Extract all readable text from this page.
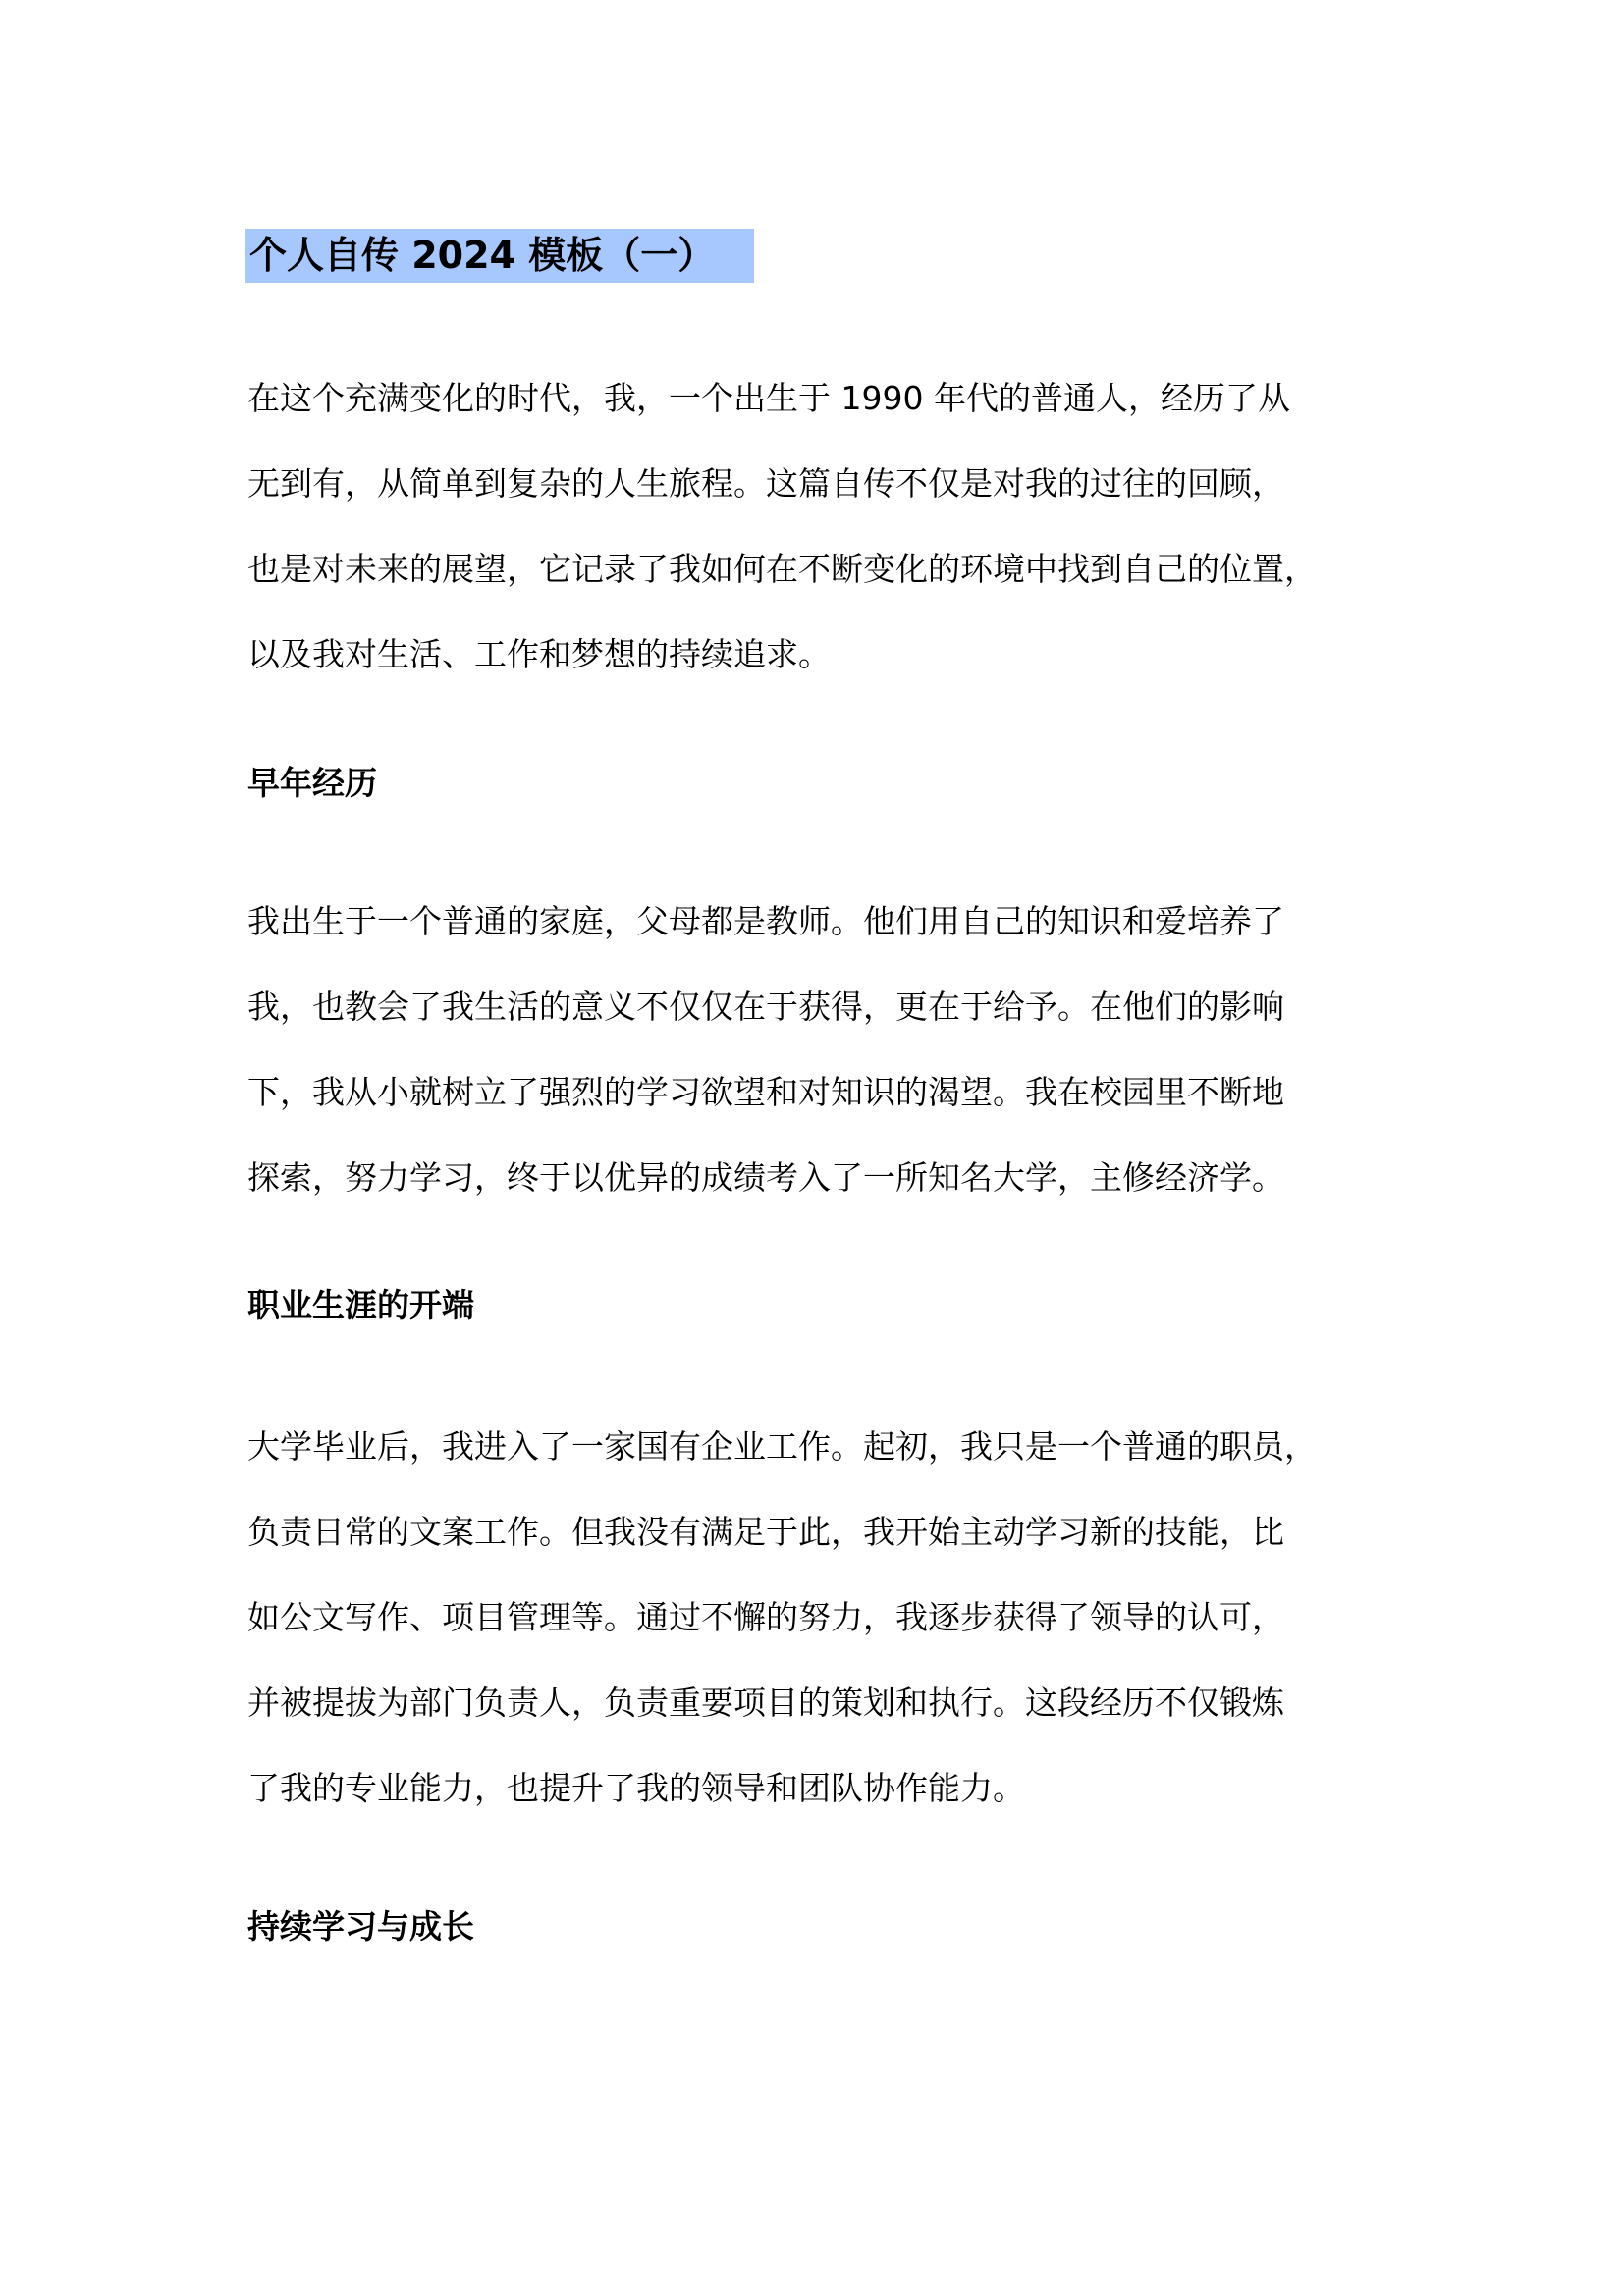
个人自传 2024 模板（一）

在这个充满变化的时代，我，一个出生于 1990 年代的普通人，经历了从
无到有，从简单到复杂的人生旅程。这篇自传不仅是对我的过往的回顾，
也是对未来的展望，它记录了我如何在不断变化的环境中找到自己的位置，
以及我对生活、工作和梦想的持续追求。

早年经历

我出生于一个普通的家庭，父母都是教师。他们用自己的知识和爱培养了
我，也教会了我生活的意义不仅仅在于获得，更在于给予。在他们的影响
下，我从小就树立了强烈的学习欲望和对知识的渴望。我在校园里不断地
探索，努力学习，终于以优异的成绩考入了一所知名大学，主修经济学。

职业生涯的开端

大学毕业后，我进入了一家国有企业工作。起初，我只是一个普通的职员，
负责日常的文案工作。但我没有满足于此，我开始主动学习新的技能，比
如公文写作、项目管理等。通过不懈的努力，我逐步获得了领导的认可，
并被提拔为部门负责人，负责重要项目的策划和执行。这段经历不仅锻炼
了我的专业能力，也提升了我的领导和团队协作能力。

持续学习与成长
